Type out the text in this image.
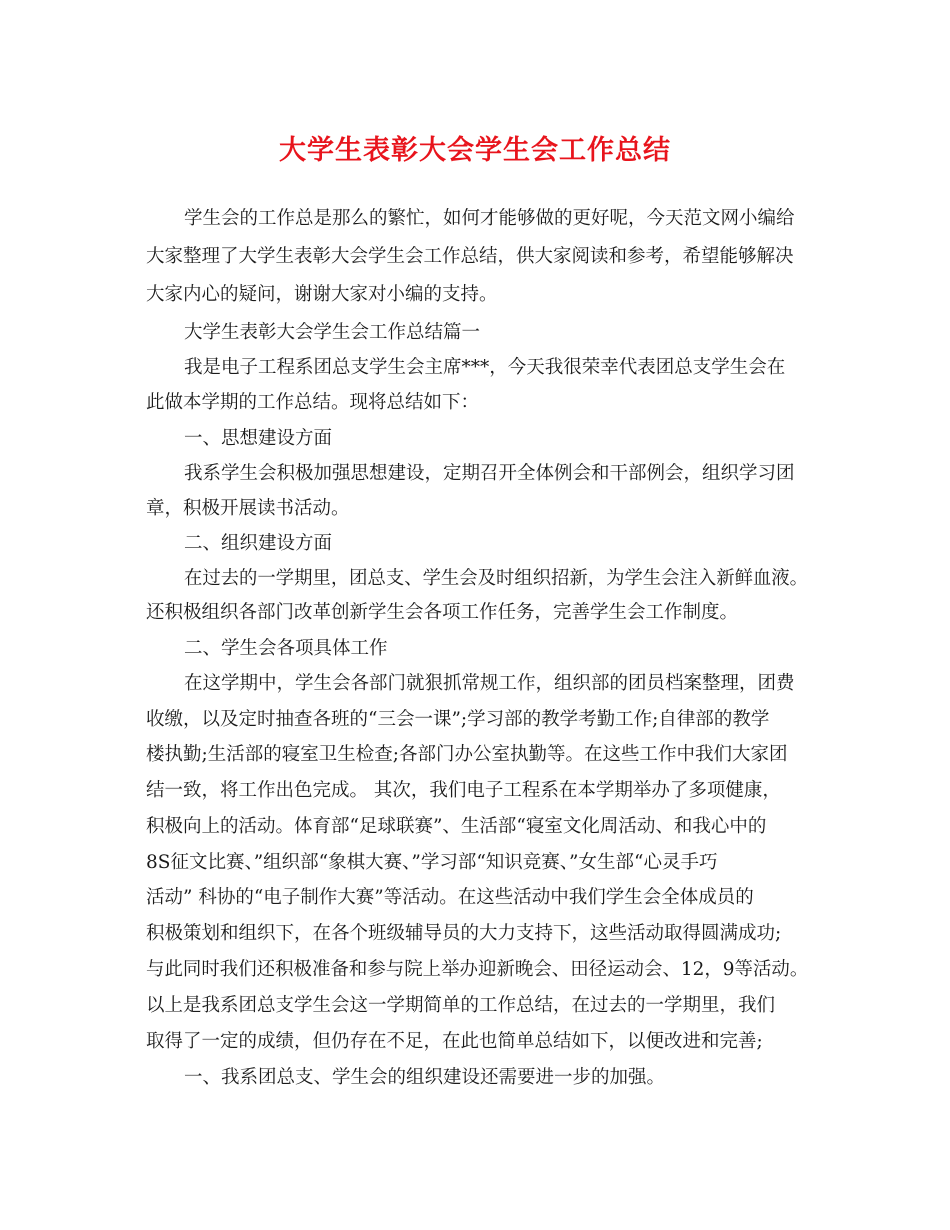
大学生表彰大会学生会工作总结
学生会的工作总是那么的繁忙，如何才能够做的更好呢，今天范文网小编给
大家整理了大学生表彰大会学生会工作总结，供大家阅读和参考，希望能够解决
大家内心的疑问，谢谢大家对小编的支持。
大学生表彰大会学生会工作总结篇一
我是电子工程系团总支学生会主席***，今天我很荣幸代表团总支学生会在
此做本学期的工作总结。现将总结如下：
一、思想建设方面
我系学生会积极加强思想建设，定期召开全体例会和干部例会，组织学习团
章，积极开展读书活动。
二、组织建设方面
在过去的一学期里，团总支、学生会及时组织招新，为学生会注入新鲜血液。
还积极组织各部门改革创新学生会各项工作任务，完善学生会工作制度。
二、学生会各项具体工作
在这学期中，学生会各部门就狠抓常规工作，组织部的团员档案整理，团费
收缴，以及定时抽查各班的“三会一课”;学习部的教学考勤工作;自律部的教学
楼执勤;生活部的寝室卫生检查;各部门办公室执勤等。在这些工作中我们大家团
结一致，将工作出色完成。 其次，我们电子工程系在本学期举办了多项健康，
积极向上的活动。体育部“足球联赛”、生活部“寝室文化周活动、和我心中的
8S征文比赛、”组织部“象棋大赛、”学习部“知识竞赛、”女生部“心灵手巧
活动” 科协的“电子制作大赛”等活动。在这些活动中我们学生会全体成员的
积极策划和组织下，在各个班级辅导员的大力支持下，这些活动取得圆满成功;
与此同时我们还积极准备和参与院上举办迎新晚会、田径运动会、12，9等活动。
以上是我系团总支学生会这一学期简单的工作总结，在过去的一学期里，我们
取得了一定的成绩，但仍存在不足，在此也简单总结如下，以便改进和完善;
一、我系团总支、学生会的组织建设还需要进一步的加强。
